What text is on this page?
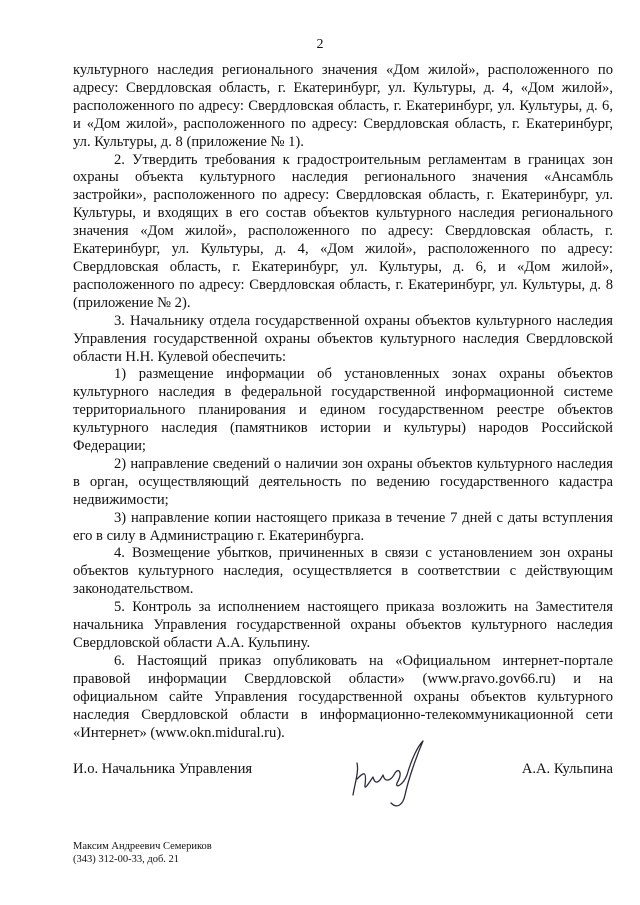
2

культурного наследия регионального значения «Дом жилой», расположенного по адресу: Свердловская область, г. Екатеринбург, ул. Культуры, д. 4, «Дом жилой», расположенного по адресу: Свердловская область, г. Екатеринбург, ул. Культуры, д. 6, и «Дом жилой», расположенного по адресу: Свердловская область, г. Екатеринбург, ул. Культуры, д. 8 (приложение № 1).

2. Утвердить требования к градостроительным регламентам в границах зон охраны объекта культурного наследия регионального значения «Ансамбль застройки», расположенного по адресу: Свердловская область, г. Екатеринбург, ул. Культуры, и входящих в его состав объектов культурного наследия регионального значения «Дом жилой», расположенного по адресу: Свердловская область, г. Екатеринбург, ул. Культуры, д. 4, «Дом жилой», расположенного по адресу: Свердловская область, г. Екатеринбург, ул. Культуры, д. 6, и «Дом жилой», расположенного по адресу: Свердловская область, г. Екатеринбург, ул. Культуры, д. 8 (приложение № 2).

3. Начальнику отдела государственной охраны объектов культурного наследия Управления государственной охраны объектов культурного наследия Свердловской области Н.Н. Кулевой обеспечить:

1) размещение информации об установленных зонах охраны объектов культурного наследия в федеральной государственной информационной системе территориального планирования и едином государственном реестре объектов культурного наследия (памятников истории и культуры) народов Российской Федерации;

2) направление сведений о наличии зон охраны объектов культурного наследия в орган, осуществляющий деятельность по ведению государственного кадастра недвижимости;

3) направление копии настоящего приказа в течение 7 дней с даты вступления его в силу в Администрацию г. Екатеринбурга.

4. Возмещение убытков, причиненных в связи с установлением зон охраны объектов культурного наследия, осуществляется в соответствии с действующим законодательством.

5. Контроль за исполнением настоящего приказа возложить на Заместителя начальника Управления государственной охраны объектов культурного наследия Свердловской области А.А. Кульпину.

6. Настоящий приказ опубликовать на «Официальном интернет-портале правовой информации Свердловской области» (www.pravo.gov66.ru) и на официальном сайте Управления государственной охраны объектов культурного наследия Свердловской области в информационно-телекоммуникационной сети «Интернет» (www.okn.midural.ru).

И.о. Начальника Управления	А.А. Кульпина
Максим Андреевич Семериков
(343) 312-00-33, доб. 21
